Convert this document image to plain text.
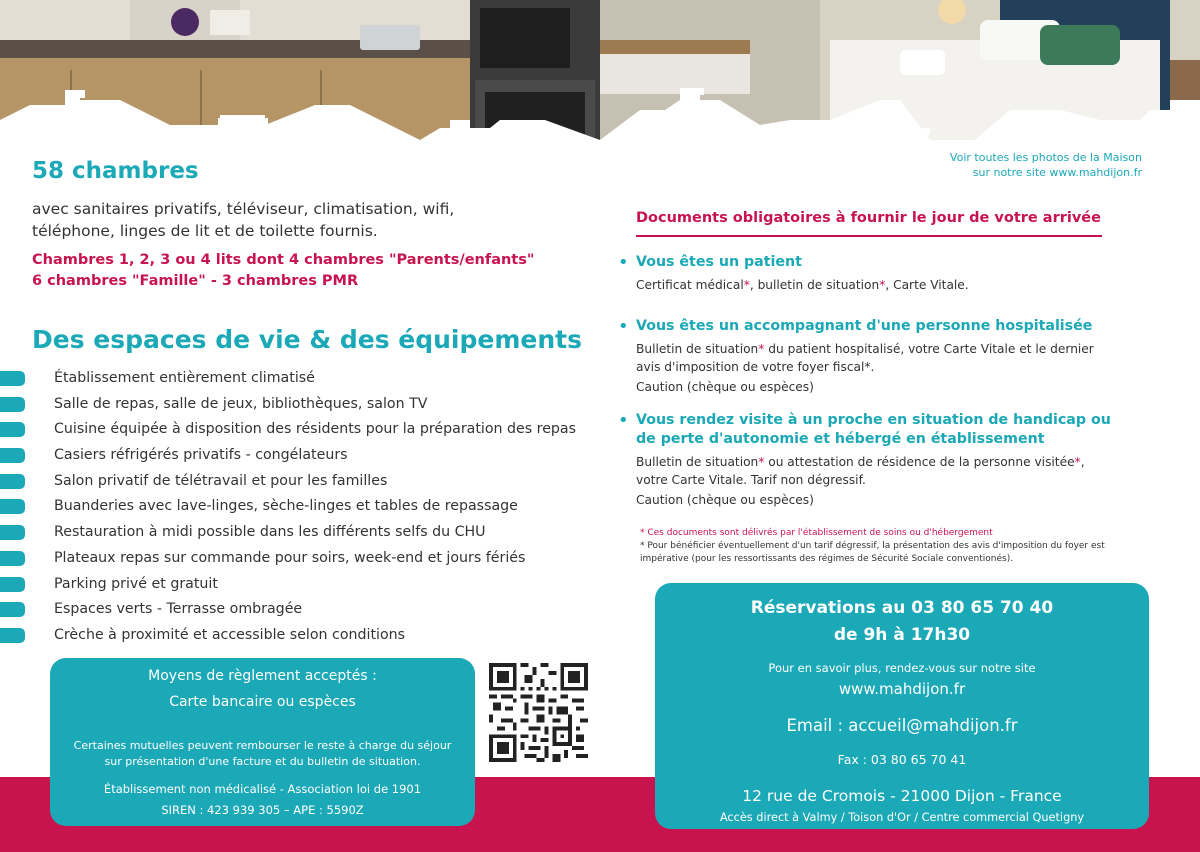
58 chambres
avec sanitaires privatifs, téléviseur, climatisation, wifi, téléphone, linges de lit et de toilette fournis.
Chambres 1, 2, 3 ou 4 lits dont 4 chambres "Parents/enfants"
6 chambres "Famille" - 3 chambres PMR
Des espaces de vie & des équipements
Établissement entièrement climatisé
Salle de repas, salle de jeux, bibliothèques, salon TV
Cuisine équipée à disposition des résidents pour la préparation des repas
Casiers réfrigérés privatifs - congélateurs
Salon privatif de télétravail et pour les familles
Buanderies avec lave-linges, sèche-linges et tables de repassage
Restauration à midi possible dans les différents selfs du CHU
Plateaux repas sur commande pour soirs, week-end et jours fériés
Parking privé et gratuit
Espaces verts - Terrasse ombragée
Crèche à proximité et accessible selon conditions
Moyens de règlement acceptés :
Carte bancaire ou espèces
Certaines mutuelles peuvent rembourser le reste à charge du séjour sur présentation d'une facture et du bulletin de situation.
Établissement non médicalisé - Association loi de 1901
SIREN : 423 939 305 – APE : 5590Z
Voir toutes les photos de la Maison
sur notre site www.mahdijon.fr
Documents obligatoires à fournir le jour de votre arrivée
• Vous êtes un patient
Certificat médical*, bulletin de situation*, Carte Vitale.
• Vous êtes un accompagnant d'une personne hospitalisée
Bulletin de situation* du patient hospitalisé, votre Carte Vitale et le dernier avis d'imposition de votre foyer fiscal*.
Caution (chèque ou espèces)
• Vous rendez visite à un proche en situation de handicap ou de perte d'autonomie et hébergé en établissement
Bulletin de situation* ou attestation de résidence de la personne visitée*, votre Carte Vitale. Tarif non dégressif.
Caution (chèque ou espèces)
* Ces documents sont délivrés par l'établissement de soins ou d'hébergement
* Pour bénéficier éventuellement d'un tarif dégressif, la présentation des avis d'imposition du foyer est impérative (pour les ressortissants des régimes de Sécurité Sociale conventionés).
Réservations au 03 80 65 70 40
de 9h à 17h30
Pour en savoir plus, rendez-vous sur notre site
www.mahdijon.fr
Email : accueil@mahdijon.fr
Fax : 03 80 65 70 41
12 rue de Cromois - 21000 Dijon - France
Accès direct à Valmy / Toison d'Or / Centre commercial Quetigny
